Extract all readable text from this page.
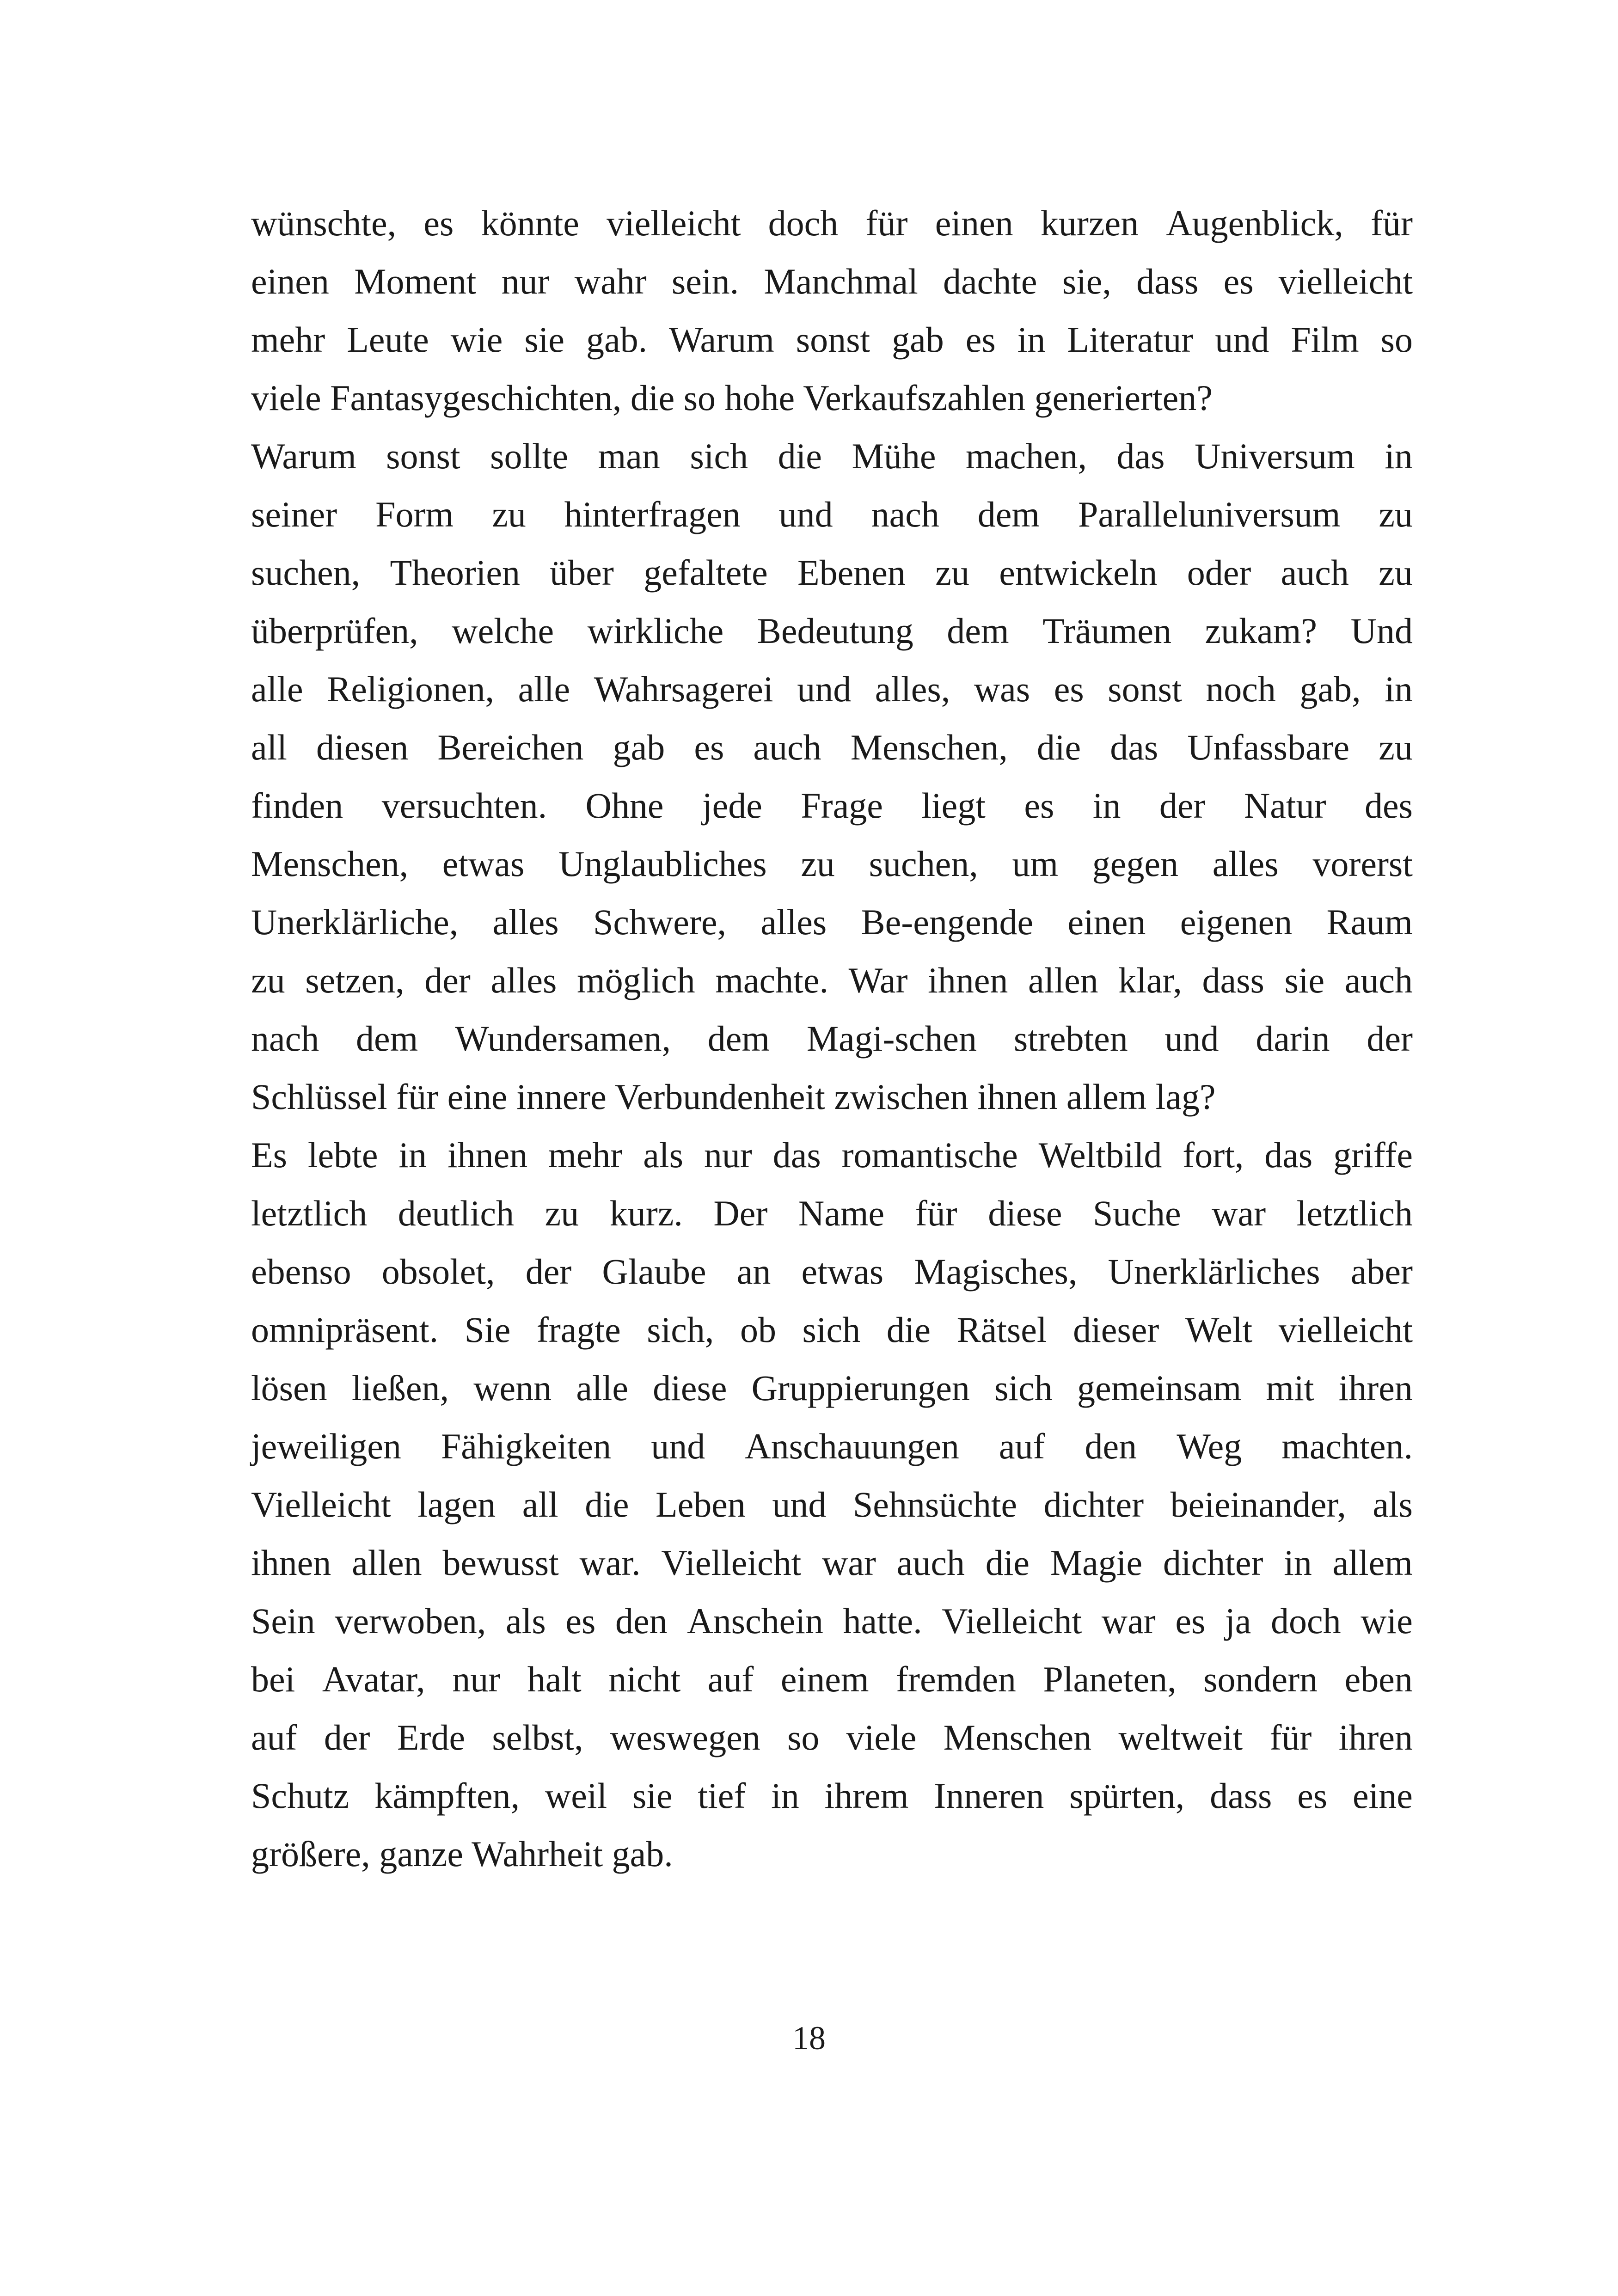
wünschte, es könnte vielleicht doch für einen kurzen Augenblick, für
einen Moment nur wahr sein. Manchmal dachte sie, dass es vielleicht
mehr Leute wie sie gab. Warum sonst gab es in Literatur und Film so
viele Fantasygeschichten, die so hohe Verkaufszahlen generierten?
Warum sonst sollte man sich die Mühe machen, das Universum in
seiner Form zu hinterfragen und nach dem Paralleluniversum zu
suchen, Theorien über gefaltete Ebenen zu entwickeln oder auch zu
überprüfen, welche wirkliche Bedeutung dem Träumen zukam? Und
alle Religionen, alle Wahrsagerei und alles, was es sonst noch gab, in
all diesen Bereichen gab es auch Menschen, die das Unfassbare zu
finden versuchten. Ohne jede Frage liegt es in der Natur des
Menschen, etwas Unglaubliches zu suchen, um gegen alles vorerst
Unerklärliche, alles Schwere, alles Be-engende einen eigenen Raum
zu setzen, der alles möglich machte. War ihnen allen klar, dass sie auch
nach dem Wundersamen, dem Magi-schen strebten und darin der
Schlüssel für eine innere Verbundenheit zwischen ihnen allem lag?
Es lebte in ihnen mehr als nur das romantische Weltbild fort, das griffe
letztlich deutlich zu kurz. Der Name für diese Suche war letztlich
ebenso obsolet, der Glaube an etwas Magisches, Unerklärliches aber
omnipräsent. Sie fragte sich, ob sich die Rätsel dieser Welt vielleicht
lösen ließen, wenn alle diese Gruppierungen sich gemeinsam mit ihren
jeweiligen Fähigkeiten und Anschauungen auf den Weg machten.
Vielleicht lagen all die Leben und Sehnsüchte dichter beieinander, als
ihnen allen bewusst war. Vielleicht war auch die Magie dichter in allem
Sein verwoben, als es den Anschein hatte. Vielleicht war es ja doch wie
bei Avatar, nur halt nicht auf einem fremden Planeten, sondern eben
auf der Erde selbst, weswegen so viele Menschen weltweit für ihren
Schutz kämpften, weil sie tief in ihrem Inneren spürten, dass es eine
größere, ganze Wahrheit gab.
18
